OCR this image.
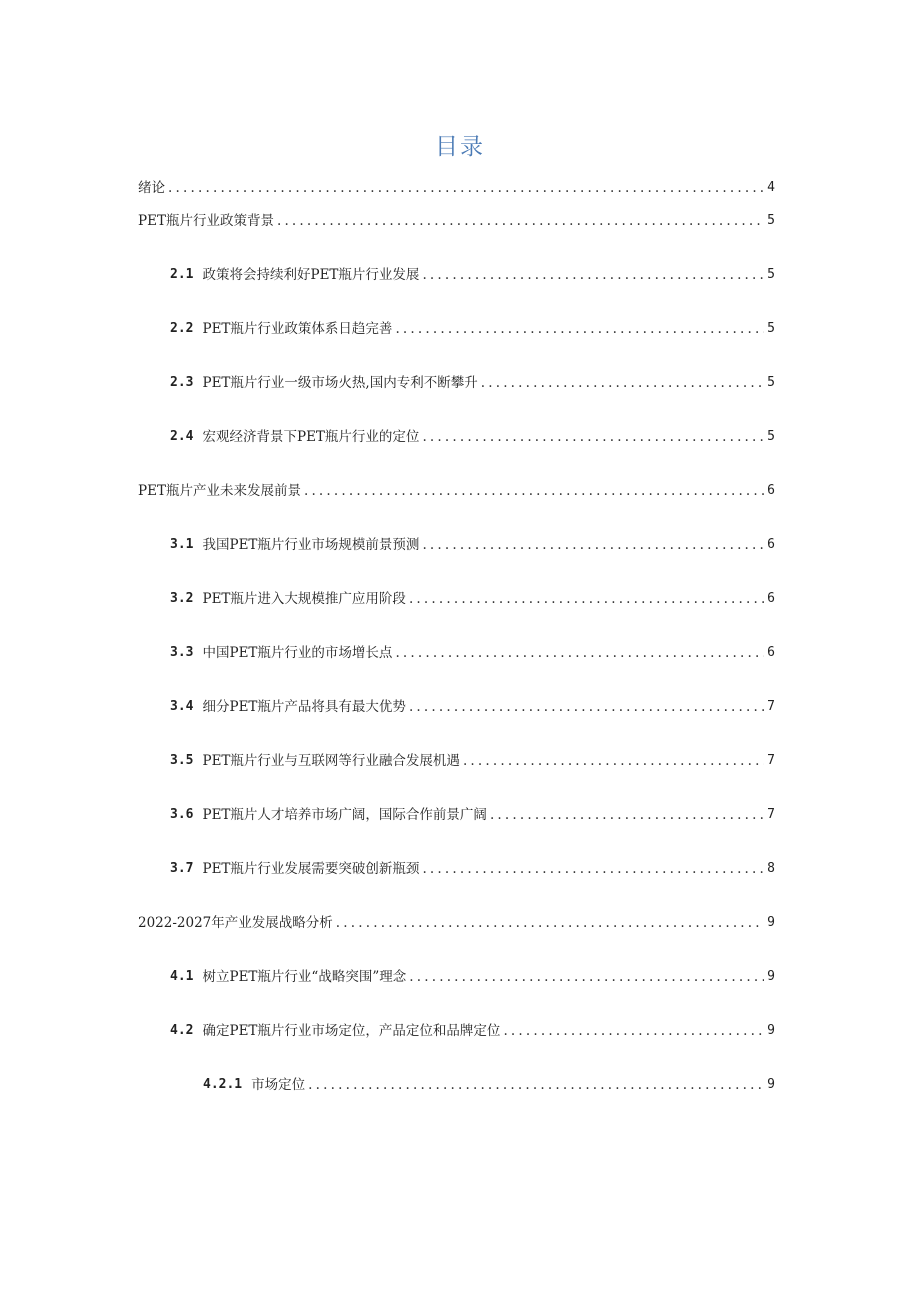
目录
绪论 .....	4
PET瓶片行业政策背景 .....	5
2.1 政策将会持续利好PET瓶片行业发展 .....	5
2.2 PET瓶片行业政策体系日趋完善 .....	5
2.3 PET瓶片行业一级市场火热,国内专利不断攀升 .....	5
2.4 宏观经济背景下PET瓶片行业的定位 .....	5
PET瓶片产业未来发展前景 .....	6
3.1 我国PET瓶片行业市场规模前景预测 .....	6
3.2 PET瓶片进入大规模推广应用阶段 .....	6
3.3 中国PET瓶片行业的市场增长点 .....	6
3.4 细分PET瓶片产品将具有最大优势 .....	7
3.5 PET瓶片行业与互联网等行业融合发展机遇 .....	7
3.6 PET瓶片人才培养市场广阔，国际合作前景广阔 .....	7
3.7 PET瓶片行业发展需要突破创新瓶颈 .....	8
2022-2027年产业发展战略分析 .....	9
4.1 树立PET瓶片行业“战略突围”理念 .....	9
4.2 确定PET瓶片行业市场定位，产品定位和品牌定位 .....	9
4.2.1 市场定位 .....	9
